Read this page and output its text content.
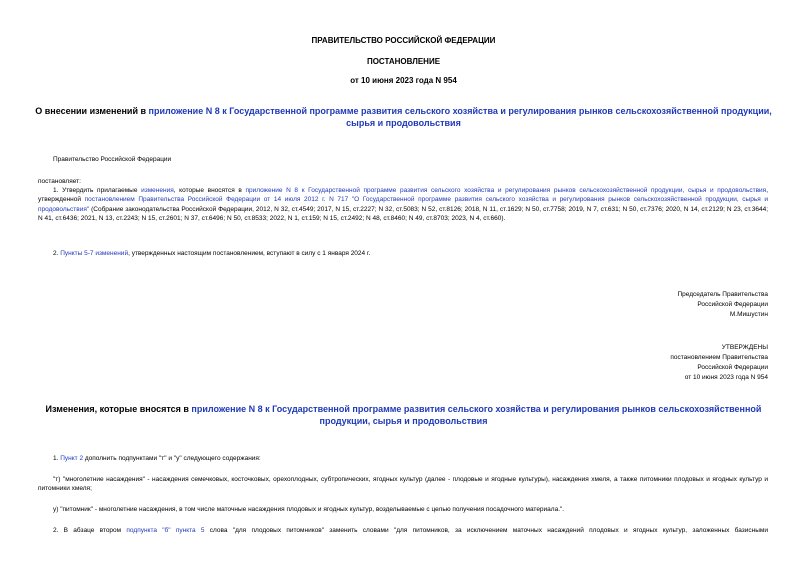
ПРАВИТЕЛЬСТВО РОССИЙСКОЙ ФЕДЕРАЦИИ
ПОСТАНОВЛЕНИЕ
от 10 июня 2023 года N 954
О внесении изменений в приложение N 8 к Государственной программе развития сельского хозяйства и регулирования рынков сельскохозяйственной продукции, сырья и продовольствия
Правительство Российской Федерации
постановляет:
1. Утвердить прилагаемые изменения, которые вносятся в приложение N 8 к Государственной программе развития сельского хозяйства и регулирования рынков сельскохозяйственной продукции, сырья и продовольствия, утвержденной постановлением Правительства Российской Федерации от 14 июля 2012 г. N 717 "О Государственной программе развития сельского хозяйства и регулирования рынков сельскохозяйственной продукции, сырья и продовольствия" (Собрание законодательства Российской Федерации, 2012, N 32, ст.4549; 2017, N 15, ст.2227; N 32, ст.5083; N 52, ст.8126; 2018, N 11, ст.1629; N 50, ст.7758; 2019, N 7, ст.631; N 50, ст.7376; 2020, N 14, ст.2129; N 23, ст.3644; N 41, ст.6436; 2021, N 13, ст.2243; N 15, ст.2601; N 37, ст.6496; N 50, ст.8533; 2022, N 1, ст.159; N 15, ст.2492; N 48, ст.8460; N 49, ст.8703; 2023, N 4, ст.660).
2. Пункты 5-7 изменений, утвержденных настоящим постановлением, вступают в силу с 1 января 2024 г.
Председатель Правительства
Российской Федерации
М.Мишустин
УТВЕРЖДЕНЫ
постановлением Правительства
Российской Федерации
от 10 июня 2023 года N 954
Изменения, которые вносятся в приложение N 8 к Государственной программе развития сельского хозяйства и регулирования рынков сельскохозяйственной продукции, сырья и продовольствия
1. Пункт 2 дополнить подпунктами "т" и "у" следующего содержания:
"т) "многолетние насаждения" - насаждения семечковых, косточковых, орехоплодных, субтропических, ягодных культур (далее - плодовые и ягодные культуры), насаждения хмеля, а также питомники плодовых и ягодных культур и питомники хмеля;
у) "питомник" - многолетние насаждения, в том числе маточные насаждения плодовых и ягодных культур, возделываемые с целью получения посадочного материала.".
2. В абзаце втором подпункта "б" пункта 5 слова "для плодовых питомников" заменить словами "для питомников, за исключением маточных насаждений плодовых и ягодных культур, заложенных базисными
